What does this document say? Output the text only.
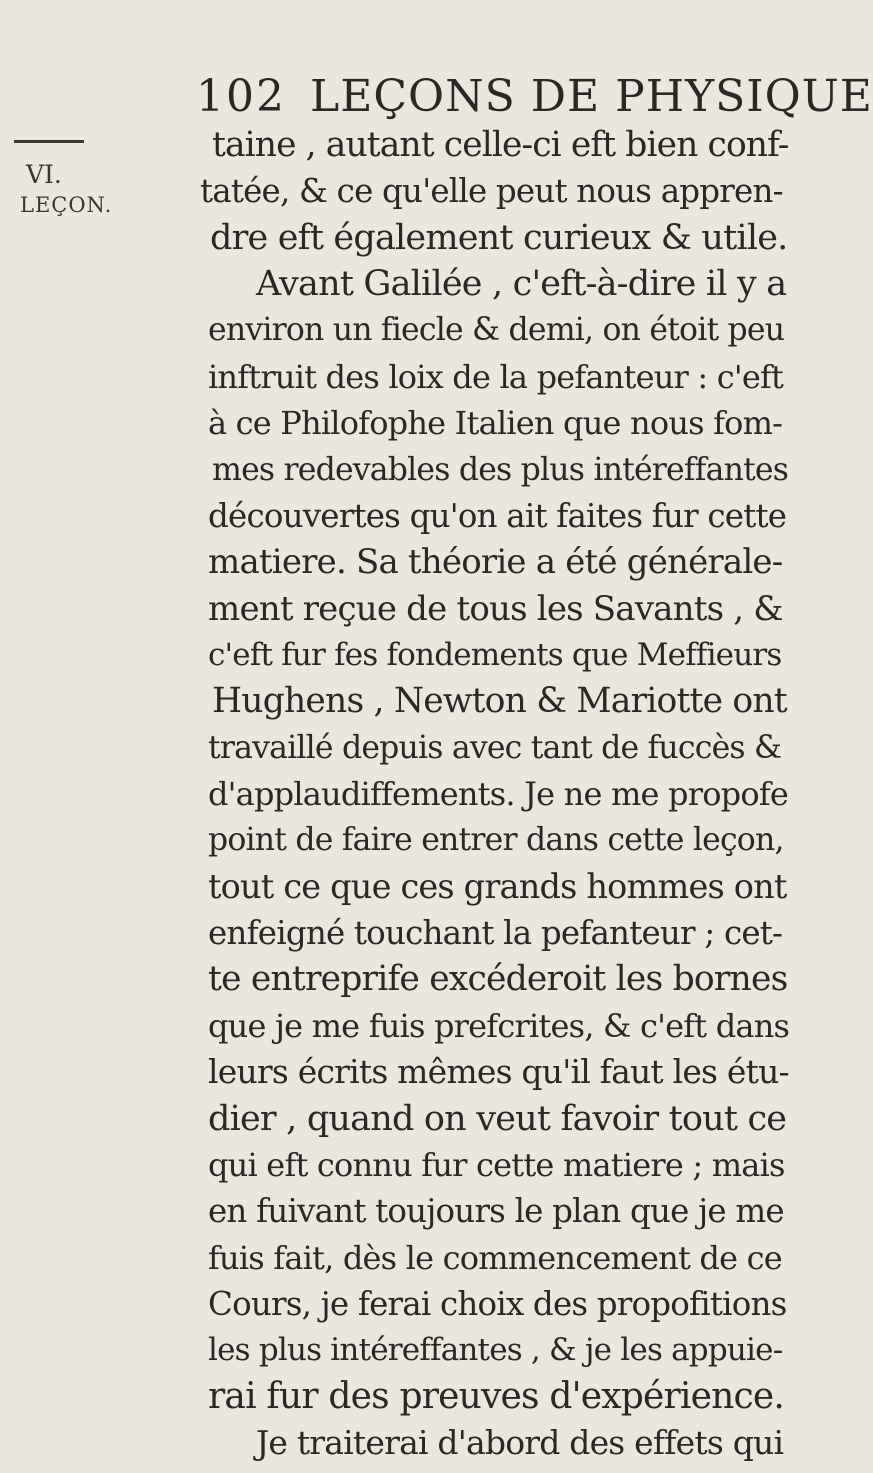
102 LEÇONS DE PHYSIQUE
VI.
LEÇON.
taine , autant celle-ci eft bien conf-
tatée, & ce qu'elle peut nous appren-
dre eft également curieux & utile.
Avant Galilée , c'eft-à-dire il y a
environ un fiecle & demi, on étoit peu
inftruit des loix de la pefanteur : c'eft
à ce Philofophe Italien que nous fom-
mes redevables des plus intéreffantes
découvertes qu'on ait faites fur cette
matiere. Sa théorie a été générale-
ment reçue de tous les Savants , &
c'eft fur fes fondements que Meffieurs
Hughens , Newton & Mariotte ont
travaillé depuis avec tant de fuccès &
d'applaudiffements. Je ne me propofe
point de faire entrer dans cette leçon,
tout ce que ces grands hommes ont
enfeigné touchant la pefanteur ; cet-
te entreprife excéderoit les bornes
que je me fuis prefcrites, & c'eft dans
leurs écrits mêmes qu'il faut les étu-
dier , quand on veut favoir tout ce
qui eft connu fur cette matiere ; mais
en fuivant toujours le plan que je me
fuis fait, dès le commencement de ce
Cours, je ferai choix des propofitions
les plus intéreffantes , & je les appuie-
rai fur des preuves d'expérience.
Je traiterai d'abord des effets qui
